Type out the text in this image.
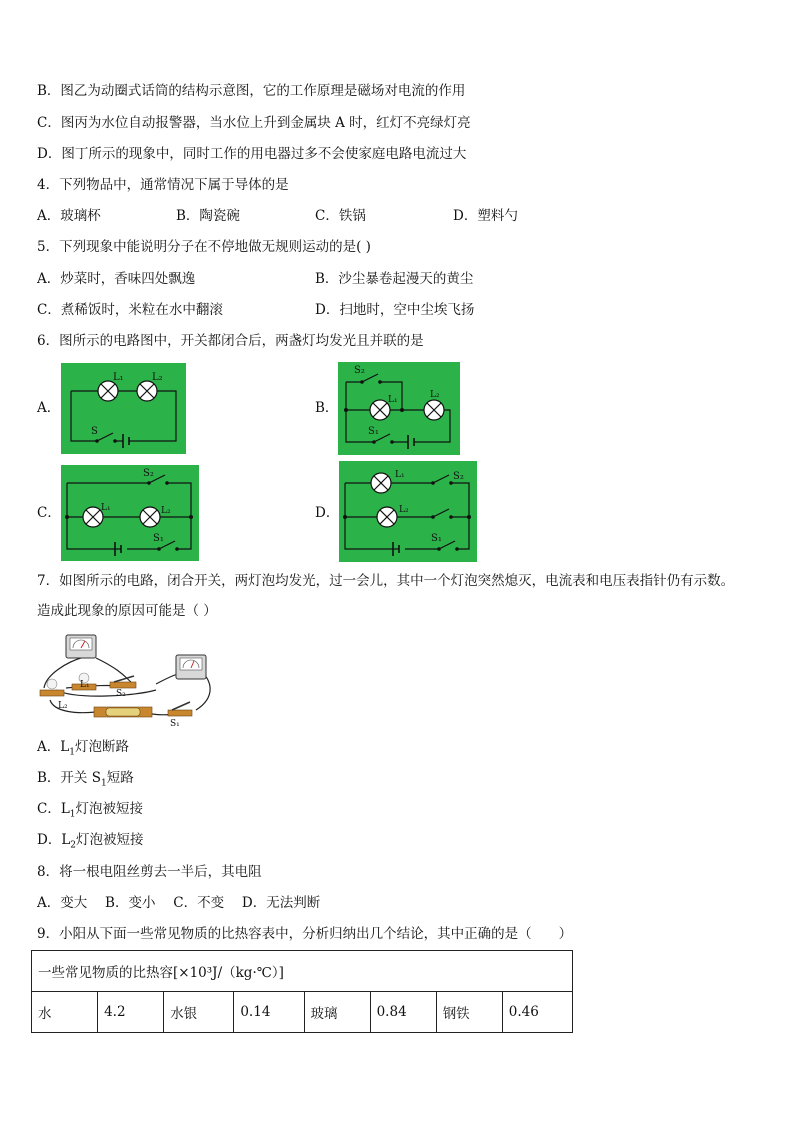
B．图乙为动圈式话筒的结构示意图，它的工作原理是磁场对电流的作用
C．图丙为水位自动报警器，当水位上升到金属块 A 时，红灯不亮绿灯亮
D．图丁所示的现象中，同时工作的用电器过多不会使家庭电路电流过大
4．下列物品中，通常情况下属于导体的是
A．玻璃杯	B．陶瓷碗	C．铁锅	D．塑料勺
5．下列现象中能说明分子在不停地做无规则运动的是( )
A．炒菜时，香味四处飘逸	B．沙尘暴卷起漫天的黄尘
C．煮稀饭时，米粒在水中翻滚	D．扫地时，空中尘埃飞扬
6．图所示的电路图中，开关都闭合后，两盏灯均发光且并联的是
A．	B．
C．	D．
L₁	L₂
S
S₂
L₁	L₂
S₁
S₂
L₁	L₂
S₁
L₁	S₂
L₂
S₁
7．如图所示的电路，闭合开关，两灯泡均发光，过一会儿，其中一个灯泡突然熄灭，电流表和电压表指针仍有示数。
造成此现象的原因可能是（ ）
L₁
L₂
S₂
S₁
A．$L_1$灯泡断路
B．开关 $S_1$短路
C．$L_1$灯泡被短接
D．$L_2$灯泡被短接
8．将一根电阻丝剪去一半后，其电阻
A．变大　 B．变小　 C．不变　 D．无法判断
9．小阳从下面一些常见物质的比热容表中，分析归纳出几个结论，其中正确的是（　　）
一些常见物质的比热容[×10³J/（kg·℃）]
水	4.2	水银	0.14	玻璃	0.84	钢铁	0.46
